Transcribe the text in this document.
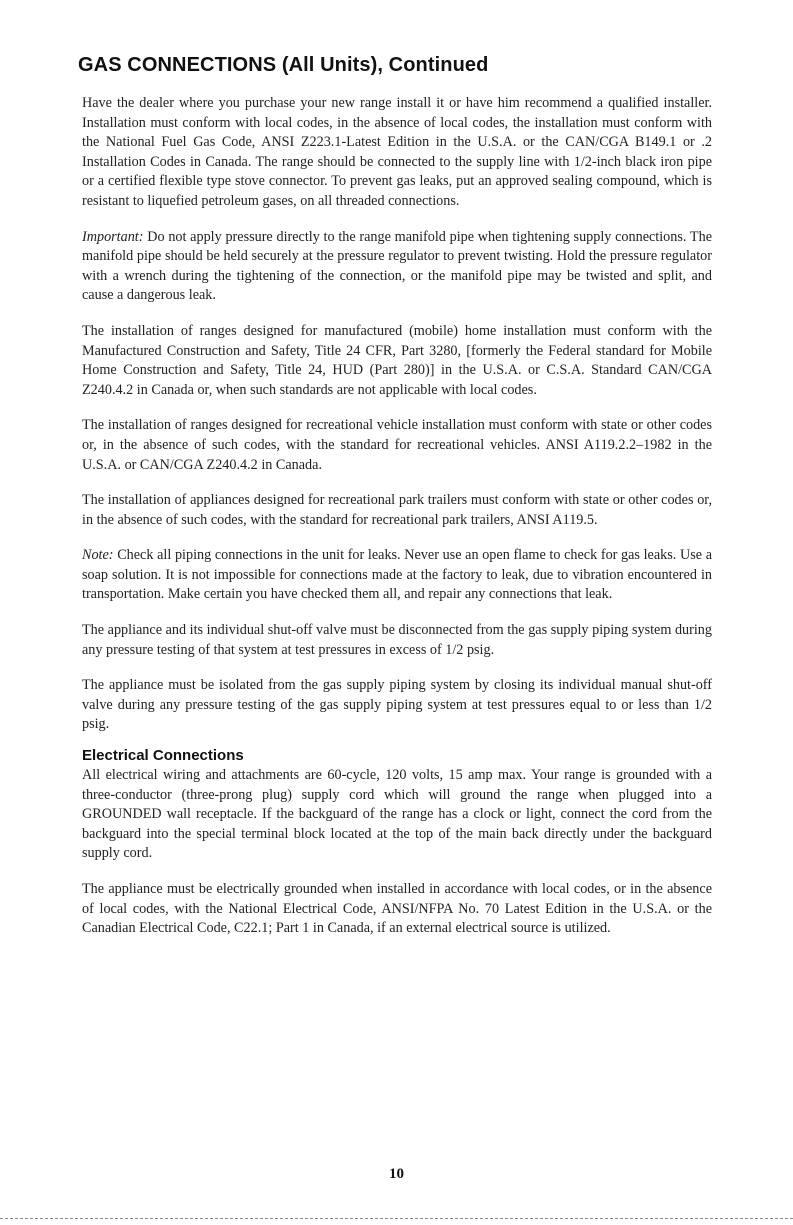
GAS CONNECTIONS (All Units), Continued

Have the dealer where you purchase your new range install it or have him recommend a qualified installer. Installation must conform with local codes, in the absence of local codes, the installation must conform with the National Fuel Gas Code, ANSI Z223.1-Latest Edition in the U.S.A. or the CAN/CGA B149.1 or .2 Installation Codes in Canada. The range should be connected to the supply line with 1/2-inch black iron pipe or a certified flexible type stove connector. To prevent gas leaks, put an approved sealing compound, which is resistant to liquefied petroleum gases, on all threaded connections.

Important: Do not apply pressure directly to the range manifold pipe when tightening supply connections. The manifold pipe should be held securely at the pressure regulator to prevent twisting. Hold the pressure regulator with a wrench during the tightening of the connection, or the manifold pipe may be twisted and split, and cause a dangerous leak.

The installation of ranges designed for manufactured (mobile) home installation must conform with the Manufactured Construction and Safety, Title 24 CFR, Part 3280, [formerly the Federal standard for Mobile Home Construction and Safety, Title 24, HUD (Part 280)] in the U.S.A. or C.S.A. Standard CAN/CGA Z240.4.2 in Canada or, when such standards are not applicable with local codes.

The installation of ranges designed for recreational vehicle installation must conform with state or other codes or, in the absence of such codes, with the standard for recreational vehicles. ANSI A119.2.2–1982 in the U.S.A. or CAN/CGA Z240.4.2 in Canada.

The installation of appliances designed for recreational park trailers must conform with state or other codes or, in the absence of such codes, with the standard for recreational park trailers, ANSI A119.5.

Note: Check all piping connections in the unit for leaks. Never use an open flame to check for gas leaks. Use a soap solution. It is not impossible for connections made at the factory to leak, due to vibration encountered in transportation. Make certain you have checked them all, and repair any connections that leak.

The appliance and its individual shut-off valve must be disconnected from the gas supply piping system during any pressure testing of that system at test pressures in excess of 1/2 psig.

The appliance must be isolated from the gas supply piping system by closing its individual manual shut-off valve during any pressure testing of the gas supply piping system at test pressures equal to or less than 1/2 psig.

Electrical Connections

All electrical wiring and attachments are 60-cycle, 120 volts, 15 amp max. Your range is grounded with a three-conductor (three-prong plug) supply cord which will ground the range when plugged into a GROUNDED wall receptacle. If the backguard of the range has a clock or light, connect the cord from the backguard into the special terminal block located at the top of the main back directly under the backguard supply cord.

The appliance must be electrically grounded when installed in accordance with local codes, or in the absence of local codes, with the National Electrical Code, ANSI/NFPA No. 70 Latest Edition in the U.S.A. or the Canadian Electrical Code, C22.1; Part 1 in Canada, if an external electrical source is utilized.

10
